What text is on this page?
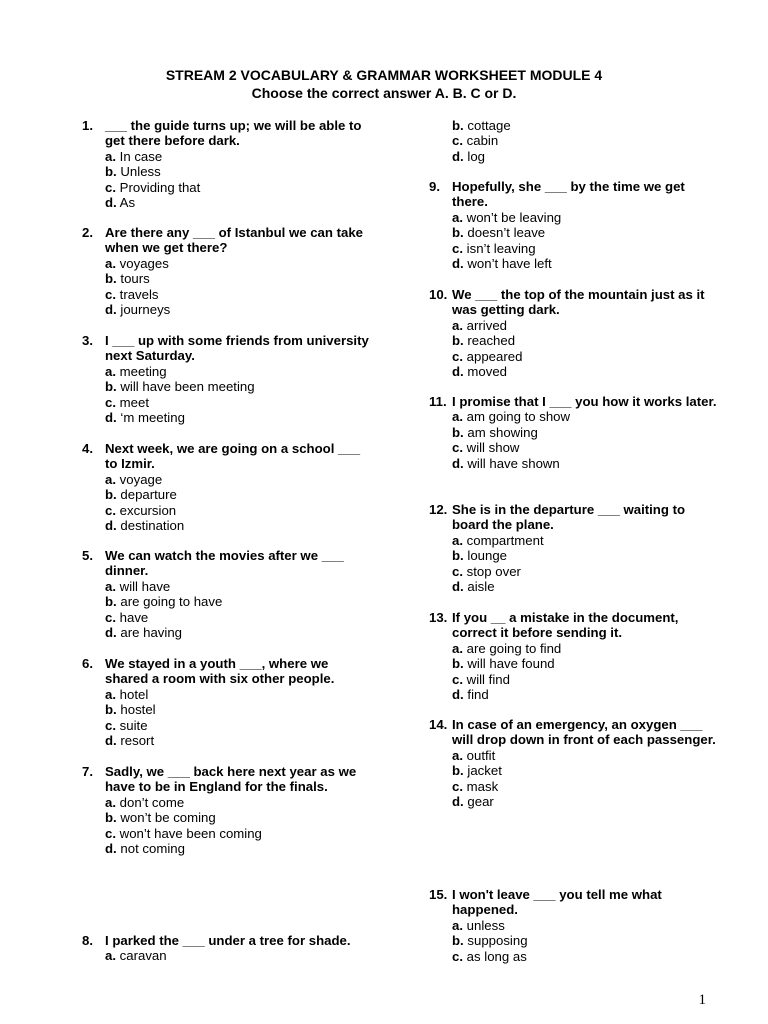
STREAM 2 VOCABULARY & GRAMMAR WORKSHEET MODULE 4
Choose the correct answer A. B. C or D.
1. ___ the guide turns up; we will be able to get there before dark.
a. In case
b. Unless
c. Providing that
d. As
2. Are there any ___ of Istanbul we can take when we get there?
a. voyages
b. tours
c. travels
d. journeys
3. I ___ up with some friends from university next Saturday.
a. meeting
b. will have been meeting
c. meet
d. ‘m meeting
4. Next week, we are going on a school ___ to Izmir.
a. voyage
b. departure
c. excursion
d. destination
5. We can watch the movies after we ___ dinner.
a. will have
b. are going to have
c. have
d. are having
6. We stayed in a youth ___, where we shared a room with six other people.
a. hotel
b. hostel
c. suite
d. resort
7. Sadly, we ___ back here next year as we have to be in England for the finals.
a. don’t come
b. won’t be coming
c. won’t have been coming
d. not coming
8. I parked the ___ under a tree for shade.
a. caravan
b. cottage
c. cabin
d. log
9. Hopefully, she ___ by the time we get there.
a. won’t be leaving
b. doesn’t leave
c. isn’t leaving
d. won’t have left
10. We ___ the top of the mountain just as it was getting dark.
a. arrived
b. reached
c. appeared
d. moved
11. I promise that I ___ you how it works later.
a. am going to show
b. am showing
c. will show
d. will have shown
12. She is in the departure ___ waiting to board the plane.
a. compartment
b. lounge
c. stop over
d. aisle
13. If you __ a mistake in the document, correct it before sending it.
a. are going to find
b. will have found
c. will find
d. find
14. In case of an emergency, an oxygen ___ will drop down in front of each passenger.
a. outfit
b. jacket
c. mask
d. gear
15. I won't leave ___ you tell me what happened.
a. unless
b. supposing
c. as long as
1
